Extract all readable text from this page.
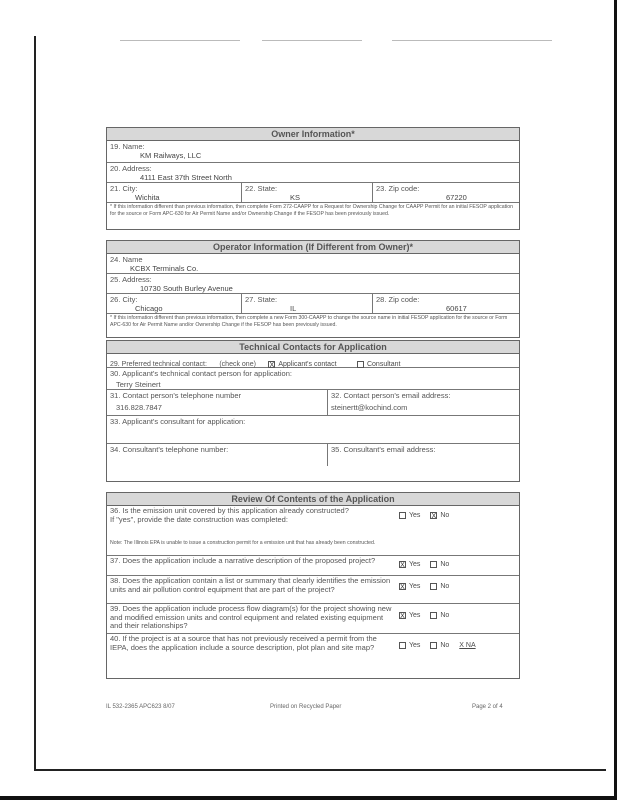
Owner Information*
19. Name:
KM Railways, LLC
20. Address:
4111 East 37th Street North
21. City:
Wichita
22. State:
KS
23. Zip code:
67220
* If this information different than previous information, then complete Form 272-CAAPP for a Request for Ownership Change for CAAPP Permit for an initial FESOP application for the source or Form APC-630 for Air Permit Name and/or Ownership Change if the FESOP has been previously issued.
Operator Information (If Different from Owner)*
24. Name
KCBX Terminals Co.
25. Address:
10730 South Burley Avenue
26. City:
Chicago
27. State:
IL
28. Zip code:
60617
* If this information different than previous information, then complete a new Form 300-CAAPP to change the source name in initial FESOP application for the source or Form APC-630 for Air Permit Name and/or Ownership Change if the FESOP has been previously issued.
Technical Contacts for Application
29. Preferred technical contact: (check one) X Applicant's contact	Consultant
30. Applicant's technical contact person for application:
Terry Steinert
31. Contact person's telephone number
316.828.7847
32. Contact person's email address:
steinertt@kochind.com
33. Applicant's consultant for application:
34. Consultant's telephone number:	35. Consultant's email address:
Review Of Contents of the Application
36. Is the emission unit covered by this application already constructed?
If "yes", provide the date construction was completed:	Yes X No
Note: The Illinois EPA is unable to issue a construction permit for a emission unit that has already been constructed.
37. Does the application include a narrative description of the proposed project?
X Yes	No
38. Does the application contain a list or summary that clearly identifies the emission units and air pollution control equipment that are part of the project?	X Yes	No
39. Does the application include process flow diagram(s) for the project showing new and modified emission units and control equipment and related existing equipment and their relationships?
X Yes	No
40. If the project is at a source that has not previously received a permit from the IEPA, does the application include a source description, plot plan and site map?	Yes	No X NA
IL 532-2365 APC623 8/07	Printed on Recycled Paper	Page 2 of 4
